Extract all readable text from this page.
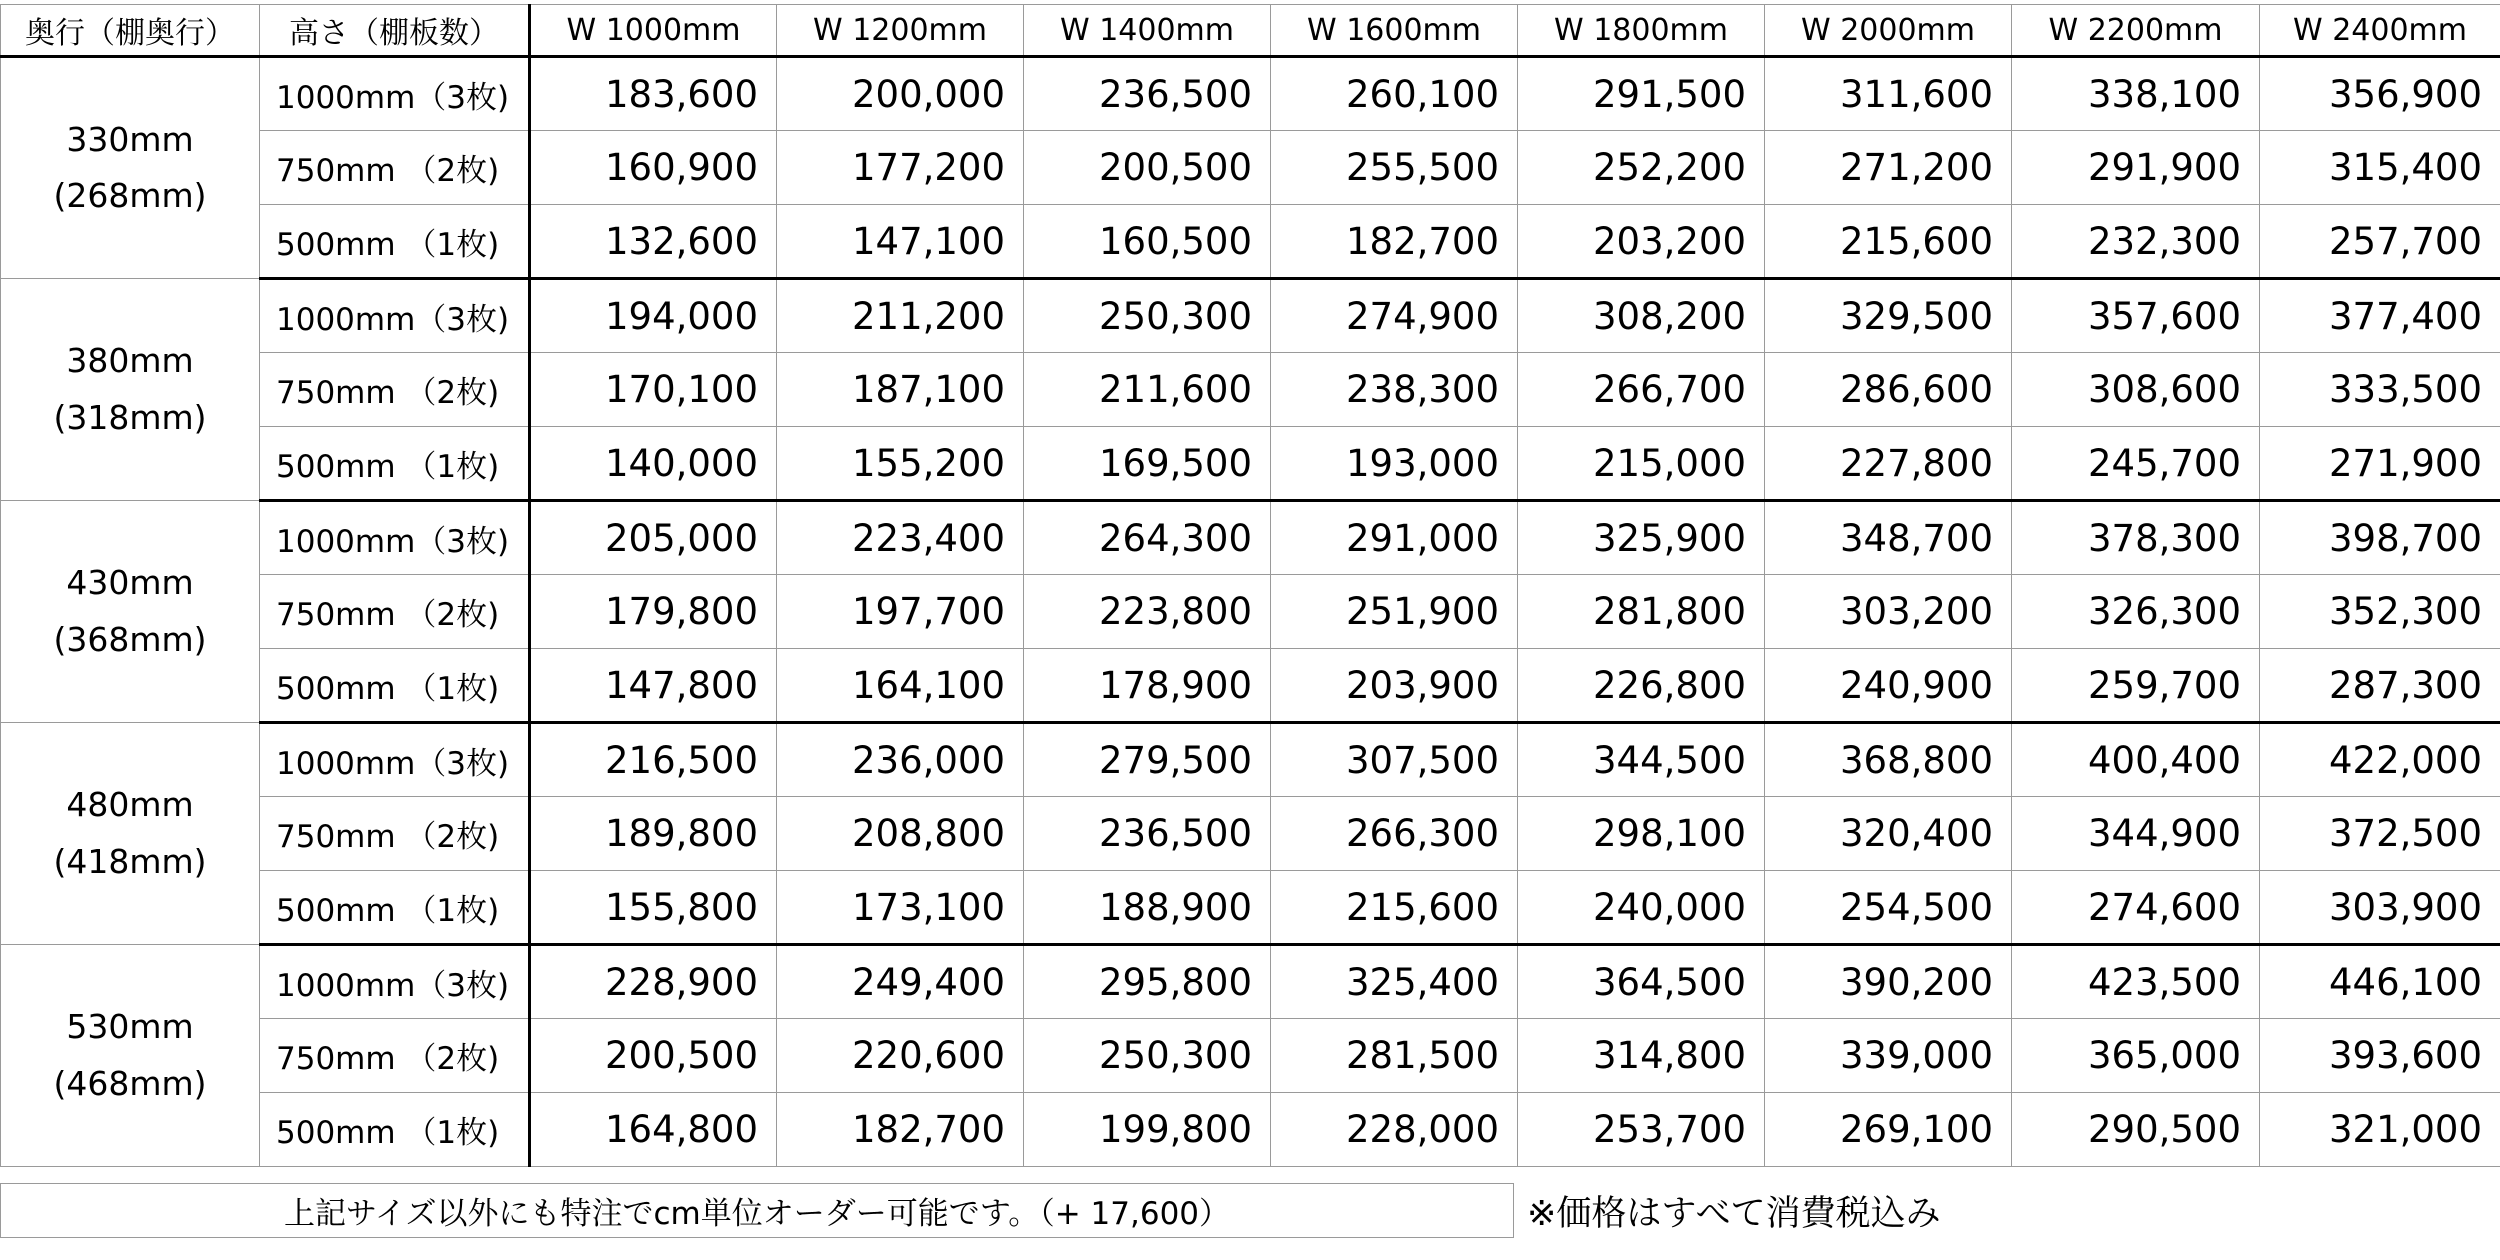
奥行（棚奥行）	高さ（棚板数）	W 1000mm	W 1200mm	W 1400mm	W 1600mm	W 1800mm	W 2000mm	W 2200mm	W 2400mm

330mm
(268mm)	1000mm（3枚)	183,600	200,000	236,500	260,100	291,500	311,600	338,100	356,900
	750mm （2枚)	160,900	177,200	200,500	255,500	252,200	271,200	291,900	315,400
	500mm （1枚)	132,600	147,100	160,500	182,700	203,200	215,600	232,300	257,700

380mm
(318mm)	1000mm（3枚)	194,000	211,200	250,300	274,900	308,200	329,500	357,600	377,400
	750mm （2枚)	170,100	187,100	211,600	238,300	266,700	286,600	308,600	333,500
	500mm （1枚)	140,000	155,200	169,500	193,000	215,000	227,800	245,700	271,900

430mm
(368mm)	1000mm（3枚)	205,000	223,400	264,300	291,000	325,900	348,700	378,300	398,700
	750mm （2枚)	179,800	197,700	223,800	251,900	281,800	303,200	326,300	352,300
	500mm （1枚)	147,800	164,100	178,900	203,900	226,800	240,900	259,700	287,300

480mm
(418mm)	1000mm（3枚)	216,500	236,000	279,500	307,500	344,500	368,800	400,400	422,000
	750mm （2枚)	189,800	208,800	236,500	266,300	298,100	320,400	344,900	372,500
	500mm （1枚)	155,800	173,100	188,900	215,600	240,000	254,500	274,600	303,900

530mm
(468mm)	1000mm（3枚)	228,900	249,400	295,800	325,400	364,500	390,200	423,500	446,100
	750mm （2枚)	200,500	220,600	250,300	281,500	314,800	339,000	365,000	393,600
	500mm （1枚)	164,800	182,700	199,800	228,000	253,700	269,100	290,500	321,000
上記サイズ以外にも特注でcm単位オーダー可能です。（+ 17,600）	※価格はすべて消費税込み
